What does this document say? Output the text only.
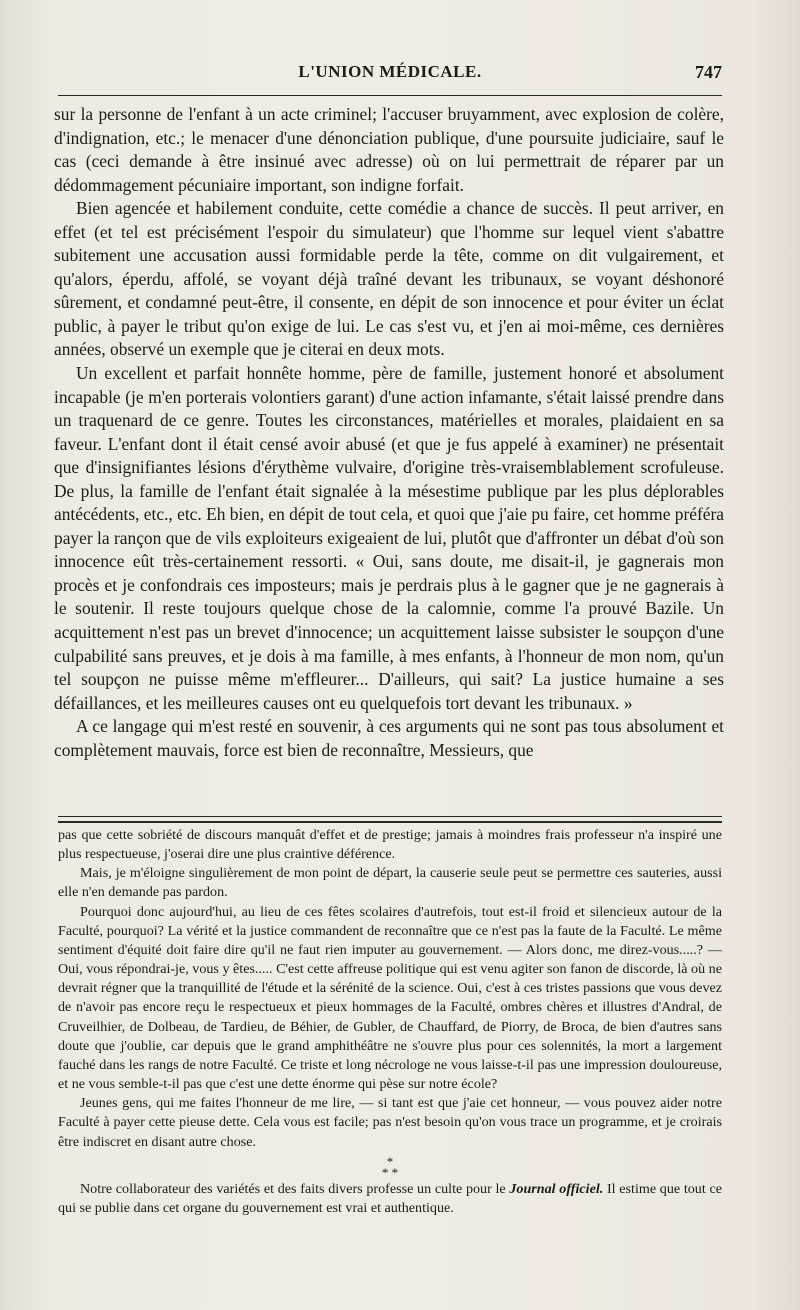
L'UNION MÉDICALE.	747

sur la personne de l'enfant à un acte criminel; l'accuser bruyamment, avec explosion de colère, d'indignation, etc.; le menacer d'une dénonciation publique, d'une poursuite judiciaire, sauf le cas (ceci demande à être insinué avec adresse) où on lui permettrait de réparer par un dédommagement pécuniaire important, son indigne forfait.

Bien agencée et habilement conduite, cette comédie a chance de succès. Il peut arriver, en effet (et tel est précisément l'espoir du simulateur) que l'homme sur lequel vient s'abattre subitement une accusation aussi formidable perde la tête, comme on dit vulgairement, et qu'alors, éperdu, affolé, se voyant déjà traîné devant les tribunaux, se voyant déshonoré sûrement, et condamné peut-être, il consente, en dépit de son innocence et pour éviter un éclat public, à payer le tribut qu'on exige de lui. Le cas s'est vu, et j'en ai moi-même, ces dernières années, observé un exemple que je citerai en deux mots.

Un excellent et parfait honnête homme, père de famille, justement honoré et absolument incapable (je m'en porterais volontiers garant) d'une action infamante, s'était laissé prendre dans un traquenard de ce genre. Toutes les circonstances, matérielles et morales, plaidaient en sa faveur. L'enfant dont il était censé avoir abusé (et que je fus appelé à examiner) ne présentait que d'insignifiantes lésions d'érythème vulvaire, d'origine très-vraisemblablement scrofuleuse. De plus, la famille de l'enfant était signalée à la mésestime publique par les plus déplorables antécédents, etc., etc. Eh bien, en dépit de tout cela, et quoi que j'aie pu faire, cet homme préféra payer la rançon que de vils exploiteurs exigeaient de lui, plutôt que d'affronter un débat d'où son innocence eût très-certainement ressorti. « Oui, sans doute, me disait-il, je gagnerais mon procès et je confondrais ces imposteurs; mais je perdrais plus à le gagner que je ne gagnerais à le soutenir. Il reste toujours quelque chose de la calomnie, comme l'a prouvé Bazile. Un acquittement n'est pas un brevet d'innocence; un acquittement laisse subsister le soupçon d'une culpabilité sans preuves, et je dois à ma famille, à mes enfants, à l'honneur de mon nom, qu'un tel soupçon ne puisse même m'effleurer... D'ailleurs, qui sait? La justice humaine a ses défaillances, et les meilleures causes ont eu quelquefois tort devant les tribunaux. »

A ce langage qui m'est resté en souvenir, à ces arguments qui ne sont pas tous absolument et complètement mauvais, force est bien de reconnaître, Messieurs, que

pas que cette sobriété de discours manquât d'effet et de prestige; jamais à moindres frais professeur n'a inspiré une plus respectueuse, j'oserai dire une plus craintive déférence.

Mais, je m'éloigne singulièrement de mon point de départ, la causerie seule peut se permettre ces sauteries, aussi elle n'en demande pas pardon.

Pourquoi donc aujourd'hui, au lieu de ces fêtes scolaires d'autrefois, tout est-il froid et silencieux autour de la Faculté, pourquoi? La vérité et la justice commandent de reconnaître que ce n'est pas la faute de la Faculté. Le même sentiment d'équité doit faire dire qu'il ne faut rien imputer au gouvernement. — Alors donc, me direz-vous.....? — Oui, vous répondrai-je, vous y êtes..... C'est cette affreuse politique qui est venu agiter son fanon de discorde, là où ne devrait régner que la tranquillité de l'étude et la sérénité de la science. Oui, c'est à ces tristes passions que vous devez de n'avoir pas encore reçu le respectueux et pieux hommages de la Faculté, ombres chères et illustres d'Andral, de Cruveilhier, de Dolbeau, de Tardieu, de Béhier, de Gubler, de Chauffard, de Piorry, de Broca, de bien d'autres sans doute que j'oublie, car depuis que le grand amphithéâtre ne s'ouvre plus pour ces solennités, la mort a largement fauché dans les rangs de notre Faculté. Ce triste et long nécrologe ne vous laisse-t-il pas une impression douloureuse, et ne vous semble-t-il pas que c'est une dette énorme qui pèse sur notre école?

Jeunes gens, qui me faites l'honneur de me lire, — si tant est que j'aie cet honneur, — vous pouvez aider notre Faculté à payer cette pieuse dette. Cela vous est facile; pas n'est besoin qu'on vous trace un programme, et je croirais être indiscret en disant autre chose.

*
* *

Notre collaborateur des variétés et des faits divers professe un culte pour le Journal officiel. Il estime que tout ce qui se publie dans cet organe du gouvernement est vrai et authentique.
